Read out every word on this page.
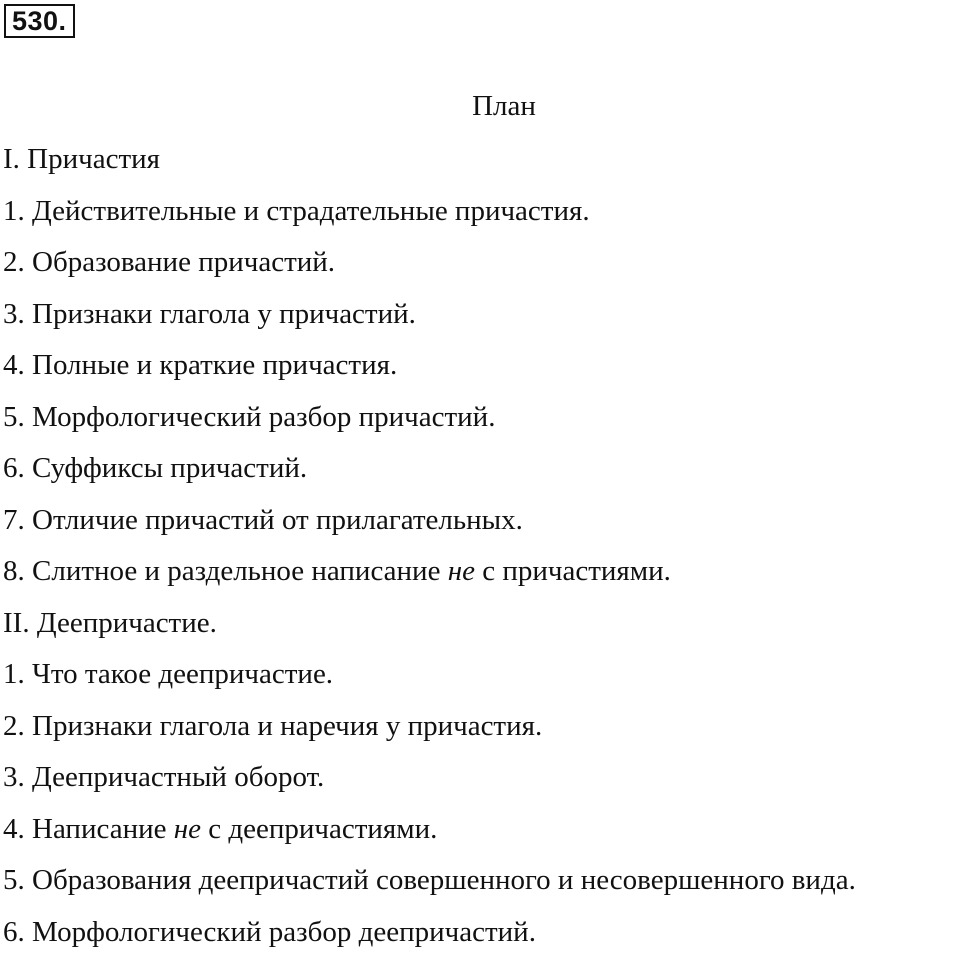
530.
План
I. Причастия
1. Действительные и страдательные причастия.
2. Образование причастий.
3. Признаки глагола у причастий.
4. Полные и краткие причастия.
5. Морфологический разбор причастий.
6. Суффиксы причастий.
7. Отличие причастий от прилагательных.
8. Слитное и раздельное написание не с причастиями.
II. Деепричастие.
1. Что такое деепричастие.
2. Признаки глагола и наречия у причастия.
3. Деепричастный оборот.
4. Написание не с деепричастиями.
5. Образования деепричастий совершенного и несовершенного вида.
6. Морфологический разбор деепричастий.
